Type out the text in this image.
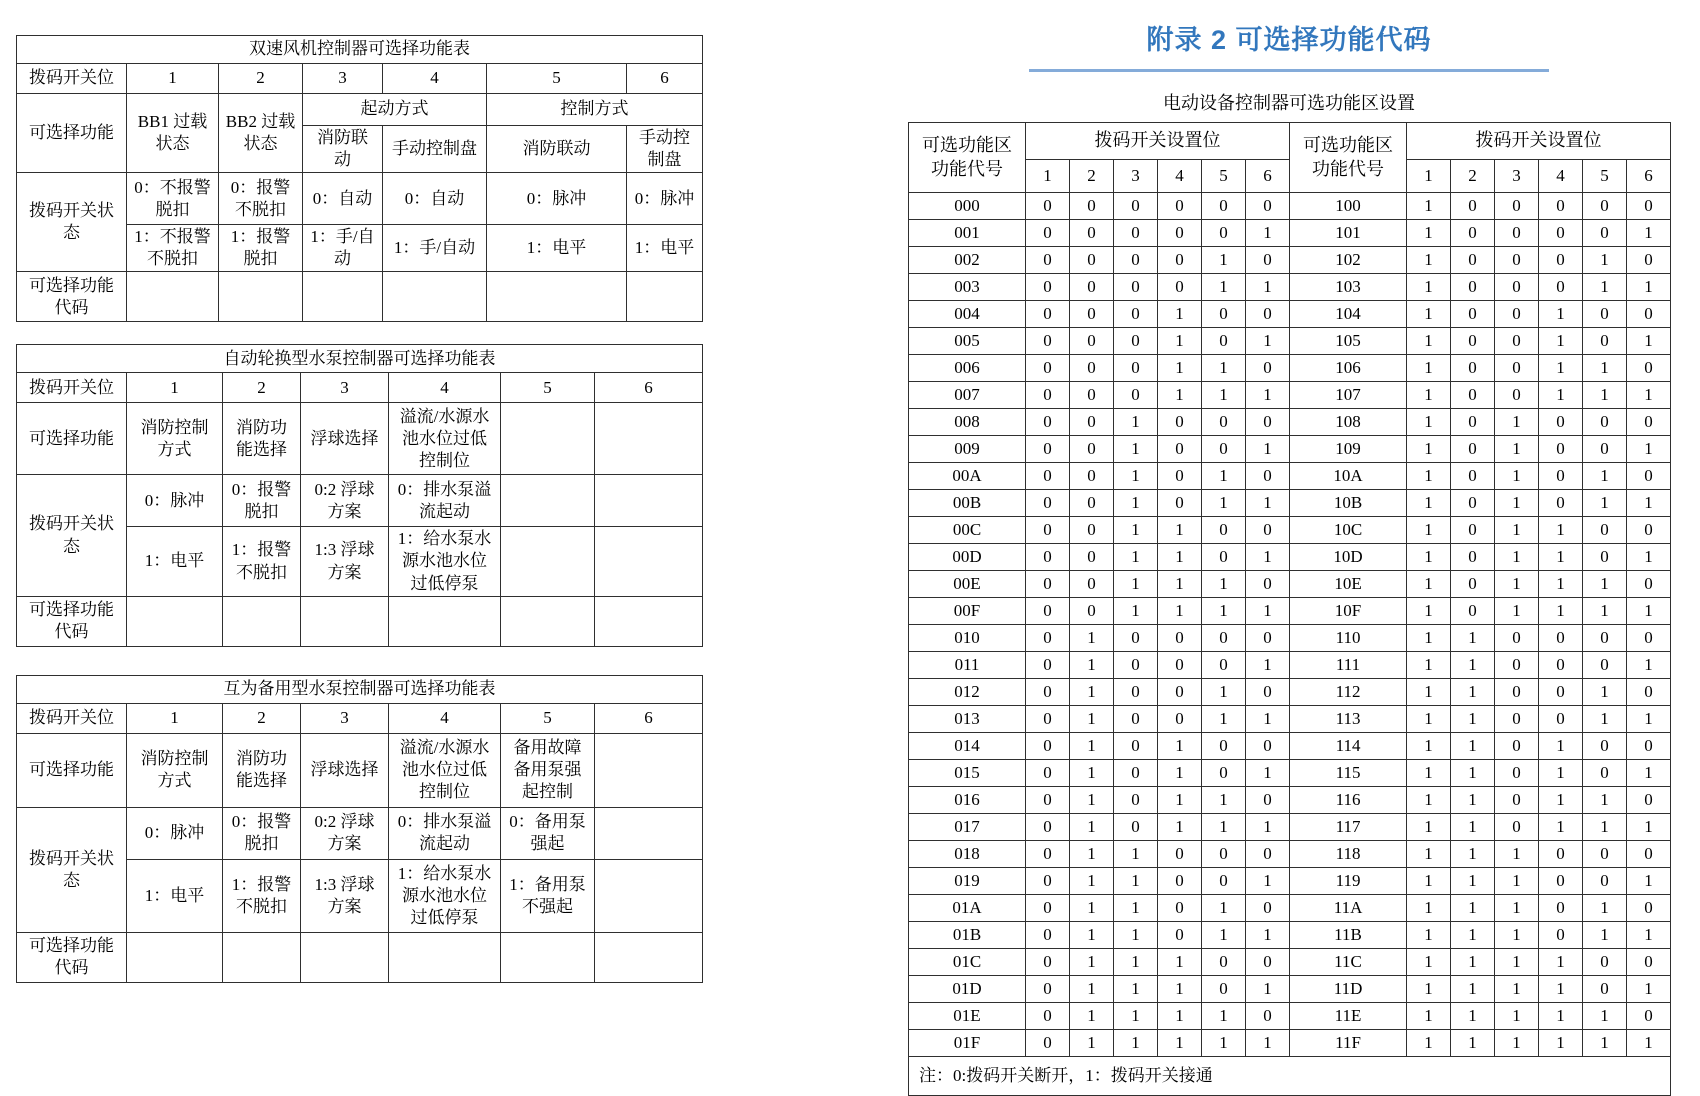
双速风机控制器可选择功能表						
拨码开关位	1	2	3	4	5	6
可选择功能	BB1 过载状态	BB2 过载状态	起动方式		控制方式	
			消防联动	手动控制盘	消防联动	手动控制盘
拨码开关状态	0：不报警脱扣	0：报警不脱扣	0：自动	0：自动	0：脉冲	0：脉冲
	1：不报警不脱扣	1：报警脱扣	1：手/自动	1：手/自动	1：电平	1：电平
可选择功能代码						
自动轮换型水泵控制器可选择功能表						
拨码开关位	1	2	3	4	5	6
可选择功能	消防控制方式	消防功能选择	浮球选择	溢流/水源水池水位过低控制位		
拨码开关状态	0：脉冲	0：报警脱扣	0:2 浮球方案	0：排水泵溢流起动		
	1：电平	1：报警不脱扣	1:3 浮球方案	1：给水泵水源水池水位过低停泵		
可选择功能代码						
互为备用型水泵控制器可选择功能表						
拨码开关位	1	2	3	4	5	6
可选择功能	消防控制方式	消防功能选择	浮球选择	溢流/水源水池水位过低控制位	备用故障备用泵强起控制	
拨码开关状态	0：脉冲	0：报警脱扣	0:2 浮球方案	0：排水泵溢流起动	0：备用泵强起	
	1：电平	1：报警不脱扣	1:3 浮球方案	1：给水泵水源水池水位过低停泵	1：备用泵不强起	
可选择功能代码						
附录 2 可选择功能代码
电动设备控制器可选功能区设置
可选功能区功能代号	拨码开关设置位						可选功能区功能代号	拨码开关设置位					
	1	2	3	4	5	6		1	2	3	4	5	6
000	0	0	0	0	0	0	100	1	0	0	0	0	0
001	0	0	0	0	0	1	101	1	0	0	0	0	1
002	0	0	0	0	1	0	102	1	0	0	0	1	0
003	0	0	0	0	1	1	103	1	0	0	0	1	1
004	0	0	0	1	0	0	104	1	0	0	1	0	0
005	0	0	0	1	0	1	105	1	0	0	1	0	1
006	0	0	0	1	1	0	106	1	0	0	1	1	0
007	0	0	0	1	1	1	107	1	0	0	1	1	1
008	0	0	1	0	0	0	108	1	0	1	0	0	0
009	0	0	1	0	0	1	109	1	0	1	0	0	1
00A	0	0	1	0	1	0	10A	1	0	1	0	1	0
00B	0	0	1	0	1	1	10B	1	0	1	0	1	1
00C	0	0	1	1	0	0	10C	1	0	1	1	0	0
00D	0	0	1	1	0	1	10D	1	0	1	1	0	1
00E	0	0	1	1	1	0	10E	1	0	1	1	1	0
00F	0	0	1	1	1	1	10F	1	0	1	1	1	1
010	0	1	0	0	0	0	110	1	1	0	0	0	0
011	0	1	0	0	0	1	111	1	1	0	0	0	1
012	0	1	0	0	1	0	112	1	1	0	0	1	0
013	0	1	0	0	1	1	113	1	1	0	0	1	1
014	0	1	0	1	0	0	114	1	1	0	1	0	0
015	0	1	0	1	0	1	115	1	1	0	1	0	1
016	0	1	0	1	1	0	116	1	1	0	1	1	0
017	0	1	0	1	1	1	117	1	1	0	1	1	1
018	0	1	1	0	0	0	118	1	1	1	0	0	0
019	0	1	1	0	0	1	119	1	1	1	0	0	1
01A	0	1	1	0	1	0	11A	1	1	1	0	1	0
01B	0	1	1	0	1	1	11B	1	1	1	0	1	1
01C	0	1	1	1	0	0	11C	1	1	1	1	0	0
01D	0	1	1	1	0	1	11D	1	1	1	1	0	1
01E	0	1	1	1	1	0	11E	1	1	1	1	1	0
01F	0	1	1	1	1	1	11F	1	1	1	1	1	1
注：0:拨码开关断开，1：拨码开关接通													
